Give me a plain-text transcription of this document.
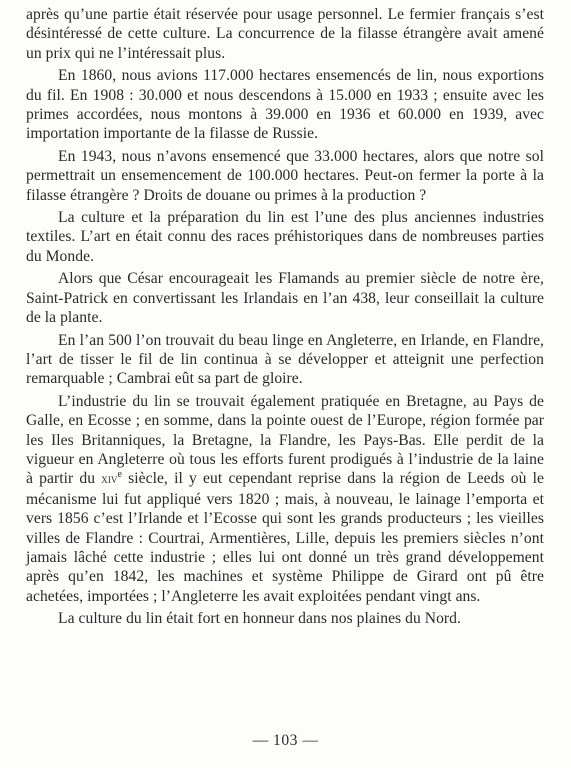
après qu’une partie était réservée pour usage personnel. Le fermier français s’est désintéressé de cette culture. La concurrence de la filasse étrangère avait amené un prix qui ne l’intéressait plus.

En 1860, nous avions 117.000 hectares ensemencés de lin, nous exportions du fil. En 1908 : 30.000 et nous descendons à 15.000 en 1933 ; ensuite avec les primes accordées, nous montons à 39.000 en 1936 et 60.000 en 1939, avec importation importante de la filasse de Russie.

En 1943, nous n’avons ensemencé que 33.000 hectares, alors que notre sol permettrait un ensemencement de 100.000 hectares. Peut-on fermer la porte à la filasse étrangère ? Droits de douane ou primes à la production ?

La culture et la préparation du lin est l’une des plus anciennes industries textiles. L’art en était connu des races préhistoriques dans de nombreuses parties du Monde.

Alors que César encourageait les Flamands au premier siècle de notre ère, Saint-Patrick en convertissant les Irlandais en l’an 438, leur conseillait la culture de la plante.

En l’an 500 l’on trouvait du beau linge en Angleterre, en Irlande, en Flandre, l’art de tisser le fil de lin continua à se développer et atteignit une perfection remarquable ; Cambrai eût sa part de gloire.

L’industrie du lin se trouvait également pratiquée en Bretagne, au Pays de Galle, en Ecosse ; en somme, dans la pointe ouest de l’Europe, région formée par les Iles Britanniques, la Bretagne, la Flandre, les Pays-Bas. Elle perdit de la vigueur en Angleterre où tous les efforts furent prodigués à l’industrie de la laine à partir du xiv$^e$ siècle, il y eut cependant reprise dans la région de Leeds où le mécanisme lui fut appliqué vers 1820 ; mais, à nouveau, le lainage l’emporta et vers 1856 c’est l’Irlande et l’Ecosse qui sont les grands producteurs ; les vieilles villes de Flandre : Courtrai, Armentières, Lille, depuis les premiers siècles n’ont jamais lâché cette industrie ; elles lui ont donné un très grand développement après qu’en 1842, les machines et système Philippe de Girard ont pû être achetées, importées ; l’Angleterre les avait exploitées pendant vingt ans.

La culture du lin était fort en honneur dans nos plaines du Nord.

— 103 —
